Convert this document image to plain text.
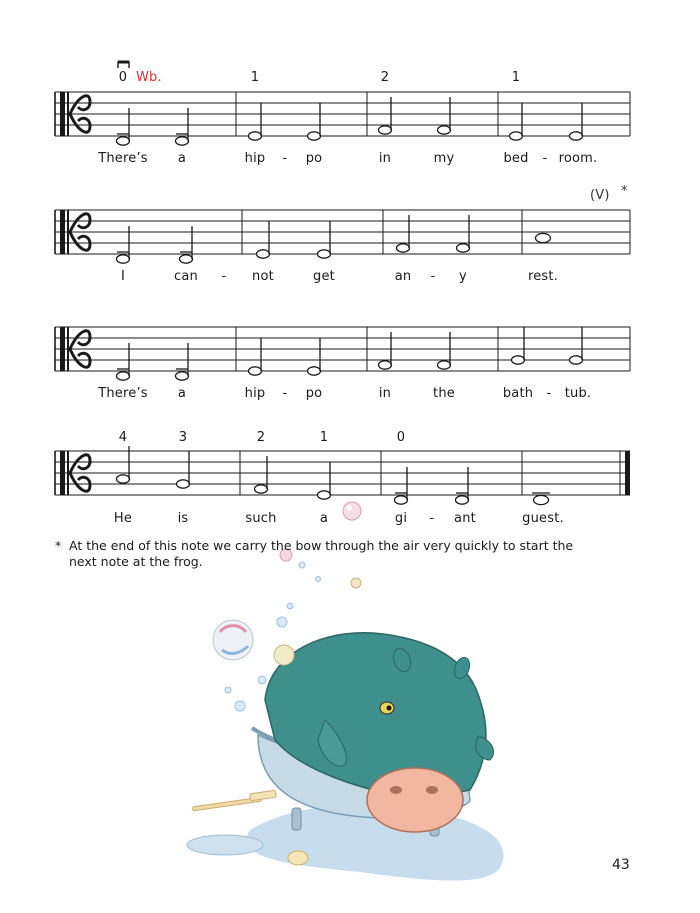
0 Wb.	1	2	1
There’s a	hip - po	in	my	bed - room.
(V) *
I	can - not	get	an - y	rest.
There’s a	hip - po	in	the	bath - tub.
4	3	2	1	0
He	is	such	a	gi - ant	guest.
* At the end of this note we carry the bow through the air very quickly to start the next note at the frog.
43
